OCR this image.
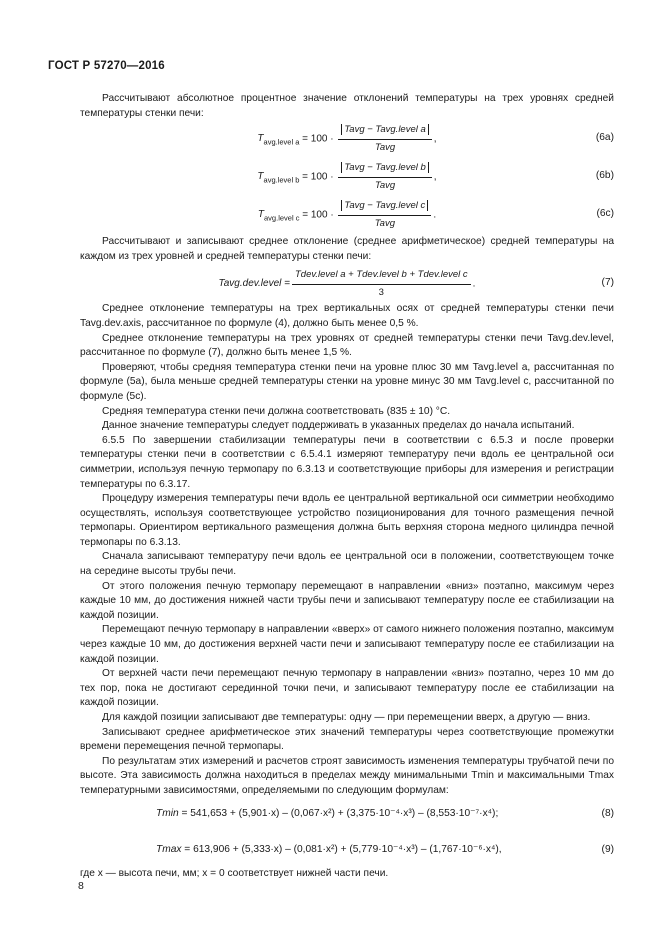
ГОСТ Р 57270—2016

Рассчитывают абсолютное процентное значение отклонений температуры на трех уровнях средней температуры стенки печи:

$T_{avg.level a} = 100 \cdot \frac{\text{Tavg − Tavg.level a}}{\text{Tavg}}$ ,	(6a)
$T_{avg.level b} = 100 \cdot \frac{\text{Tavg − Tavg.level b}}{\text{Tavg}}$ ,	(6b)
$T_{avg.level c} = 100 \cdot \frac{\text{Tavg − Tavg.level c}}{\text{Tavg}}$ .	(6c)

Рассчитывают и записывают среднее отклонение (среднее арифметическое) средней температуры на каждом из трех уровней и средней температуры стенки печи:

Tavg.dev.level = $\frac{\text{Tdev.level a + Tdev.level b + Tdev.level c}}{3}$ .	(7)

Среднее отклонение температуры на трех вертикальных осях от средней температуры стенки печи Tavg.dev.axis, рассчитанное по формуле (4), должно быть менее 0,5 %.

Среднее отклонение температуры на трех уровнях от средней температуры стенки печи Tavg.dev.level, рассчитанное по формуле (7), должно быть менее 1,5 %.

Проверяют, чтобы средняя температура стенки печи на уровне плюс 30 мм Tavg.level a, рассчитанная по формуле (5а), была меньше средней температуры стенки на уровне минус 30 мм Tavg.level c, рассчитанной по формуле (5с).

Средняя температура стенки печи должна соответствовать (835 ± 10) °С.

Данное значение температуры следует поддерживать в указанных пределах до начала испытаний.

6.5.5 По завершении стабилизации температуры печи в соответствии с 6.5.3 и после проверки температуры стенки печи в соответствии с 6.5.4.1 измеряют температуру печи вдоль ее центральной оси симметрии, используя печную термопару по 6.3.13 и соответствующие приборы для измерения и регистрации температуры по 6.3.17.

Процедуру измерения температуры печи вдоль ее центральной вертикальной оси симметрии необходимо осуществлять, используя соответствующее устройство позиционирования для точного размещения печной термопары. Ориентиром вертикального размещения должна быть верхняя сторона медного цилиндра печной термопары по 6.3.13.

Сначала записывают температуру печи вдоль ее центральной оси в положении, соответствующем точке на середине высоты трубы печи.

От этого положения печную термопару перемещают в направлении «вниз» поэтапно, максимум через каждые 10 мм, до достижения нижней части трубы печи и записывают температуру после ее стабилизации на каждой позиции.

Перемещают печную термопару в направлении «вверх» от самого нижнего положения поэтапно, максимум через каждые 10 мм, до достижения верхней части печи и записывают температуру после ее стабилизации на каждой позиции.

От верхней части печи перемещают печную термопару в направлении «вниз» поэтапно, через 10 мм до тех пор, пока не достигают серединной точки печи, и записывают температуру после ее стабилизации на каждой позиции.

Для каждой позиции записывают две температуры: одну — при перемещении вверх, а другую — вниз.

Записывают среднее арифметическое этих значений температуры через соответствующие промежутки времени перемещения печной термопары.

По результатам этих измерений и расчетов строят зависимость изменения температуры трубчатой печи по высоте. Эта зависимость должна находиться в пределах между минимальными Tmin и максимальными Tmax температурными зависимостями, определяемыми по следующим формулам:

Tmin = 541,653 + (5,901·x) – (0,067·x²) + (3,375·10⁻⁴·x³) – (8,553·10⁻⁷·x⁴);	(8)
Tmax = 613,906 + (5,333·x) – (0,081·x²) + (5,779·10⁻⁴·x³) – (1,767·10⁻⁶·x⁴),	(9)

где x — высота печи, мм; x = 0 соответствует нижней части печи.

8
